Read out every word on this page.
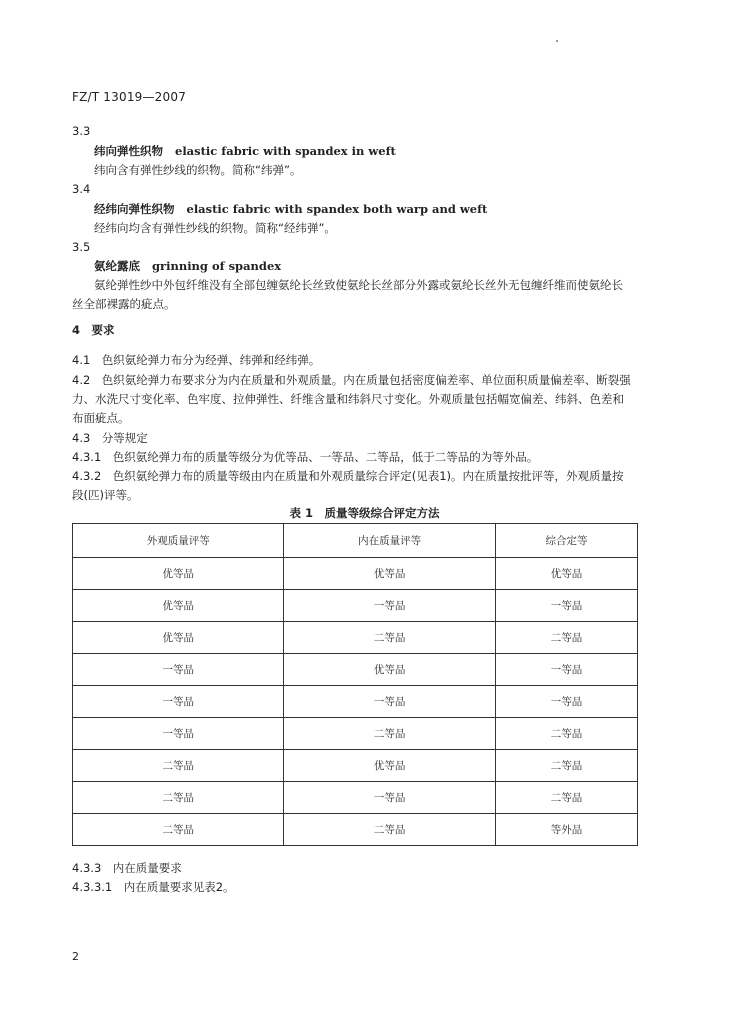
FZ/T 13019—2007
3.3
纬向弹性织物 elastic fabric with spandex in weft
纬向含有弹性纱线的织物。简称“纬弹”。
3.4
经纬向弹性织物 elastic fabric with spandex both warp and weft
经纬向均含有弹性纱线的织物。简称“经纬弹”。
3.5
氨纶露底 grinning of spandex
氨纶弹性纱中外包纤维没有全部包缠氨纶长丝致使氨纶长丝部分外露或氨纶长丝外无包缠纤维而使氨纶长丝全部裸露的疵点。
4　要求
4.1　色织氨纶弹力布分为经弹、纬弹和经纬弹。
4.2　色织氨纶弹力布要求分为内在质量和外观质量。内在质量包括密度偏差率、单位面积质量偏差率、断裂强力、水洗尺寸变化率、色牢度、拉伸弹性、纤维含量和纬斜尺寸变化。外观质量包括幅宽偏差、纬斜、色差和布面疵点。
4.3　分等规定
4.3.1　色织氨纶弹力布的质量等级分为优等品、一等品、二等品，低于二等品的为等外品。
4.3.2　色织氨纶弹力布的质量等级由内在质量和外观质量综合评定(见表1)。内在质量按批评等，外观质量按段(匹)评等。
表 1　质量等级综合评定方法
外观质量评等	内在质量评等	综合定等
优等品	优等品	优等品
优等品	一等品	一等品
优等品	二等品	二等品
一等品	优等品	一等品
一等品	一等品	一等品
一等品	二等品	二等品
二等品	优等品	二等品
二等品	一等品	二等品
二等品	二等品	等外品
4.3.3　内在质量要求
4.3.3.1　内在质量要求见表2。
2
